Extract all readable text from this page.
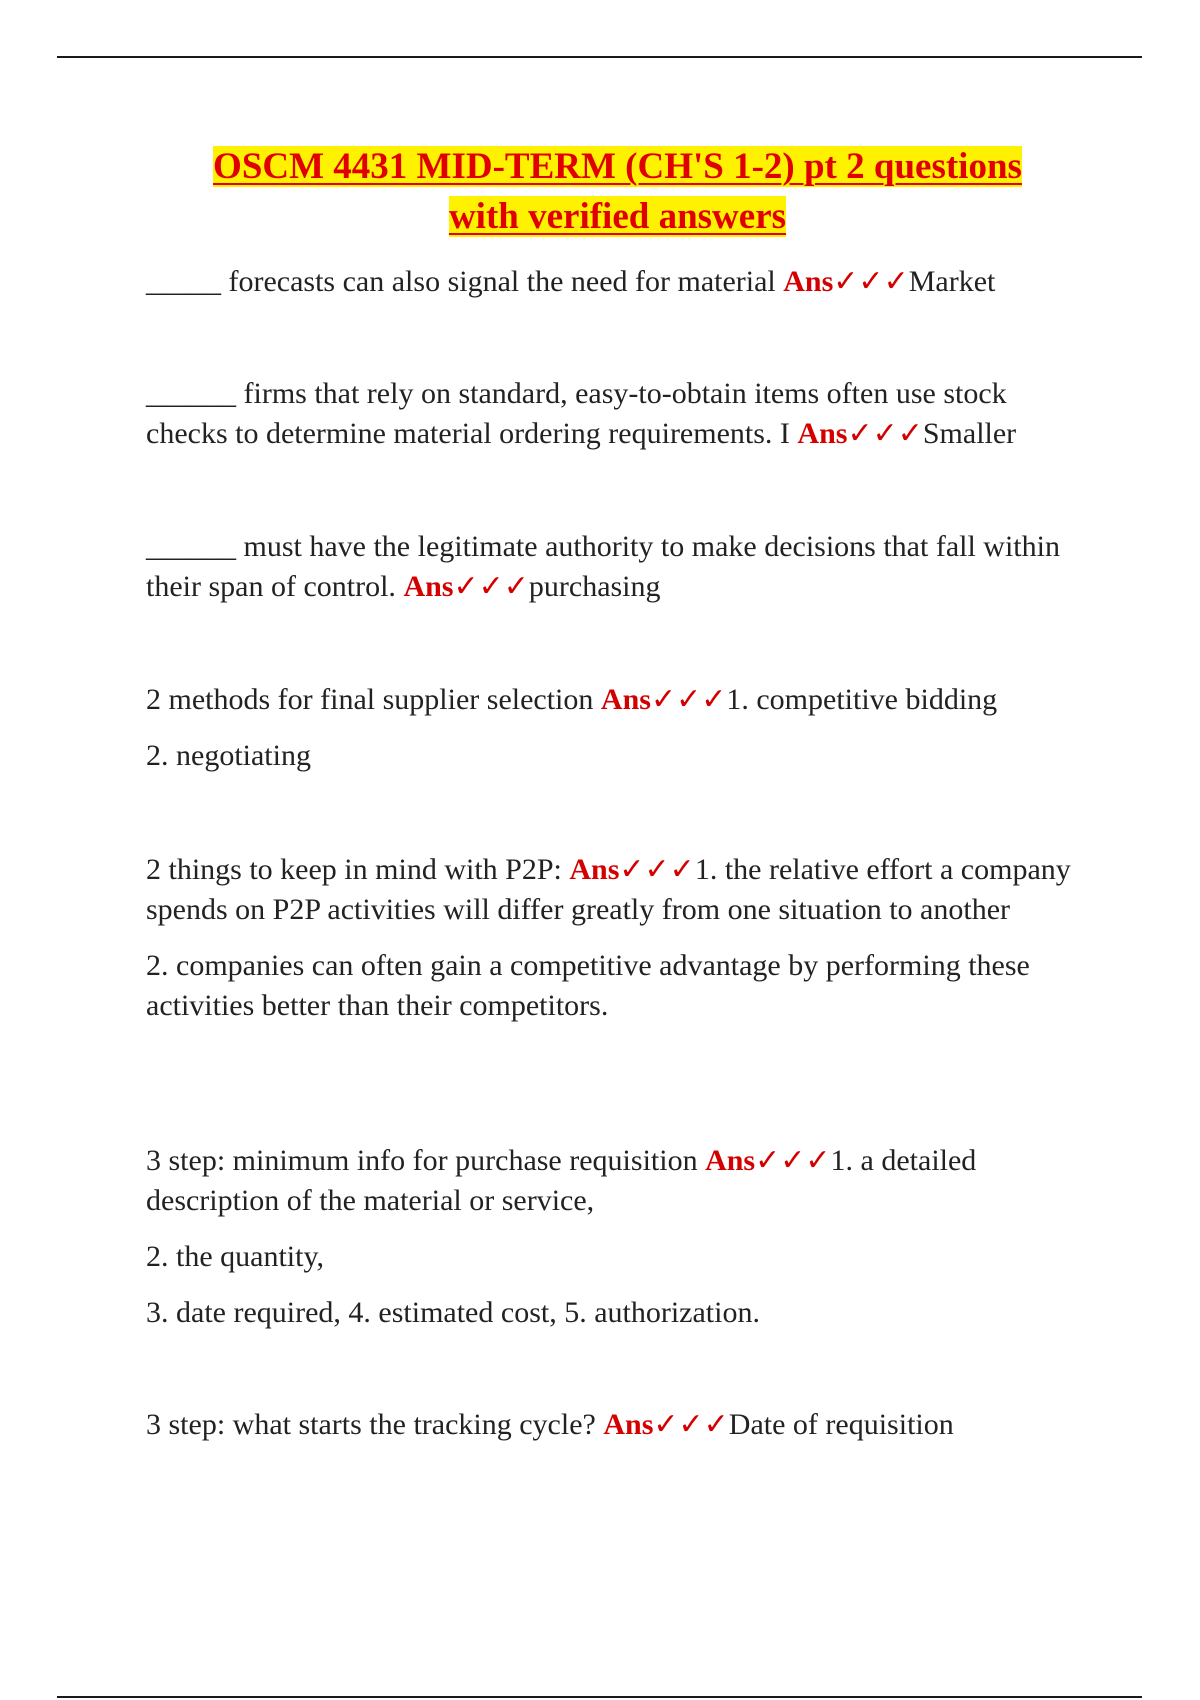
OSCM 4431 MID-TERM (CH'S 1-2) pt 2 questions
with verified answers

_____ forecasts can also signal the need for material Ans✓✓✓Market

______ firms that rely on standard, easy-to-obtain items often use stock checks to determine material ordering requirements. I Ans✓✓✓Smaller

______ must have the legitimate authority to make decisions that fall within their span of control. Ans✓✓✓purchasing

2 methods for final supplier selection Ans✓✓✓1. competitive bidding

2. negotiating

2 things to keep in mind with P2P: Ans✓✓✓1. the relative effort a company spends on P2P activities will differ greatly from one situation to another

2. companies can often gain a competitive advantage by performing these activities better than their competitors.

3 step: minimum info for purchase requisition Ans✓✓✓1. a detailed description of the material or service,

2. the quantity,

3. date required, 4. estimated cost, 5. authorization.

3 step: what starts the tracking cycle? Ans✓✓✓Date of requisition
